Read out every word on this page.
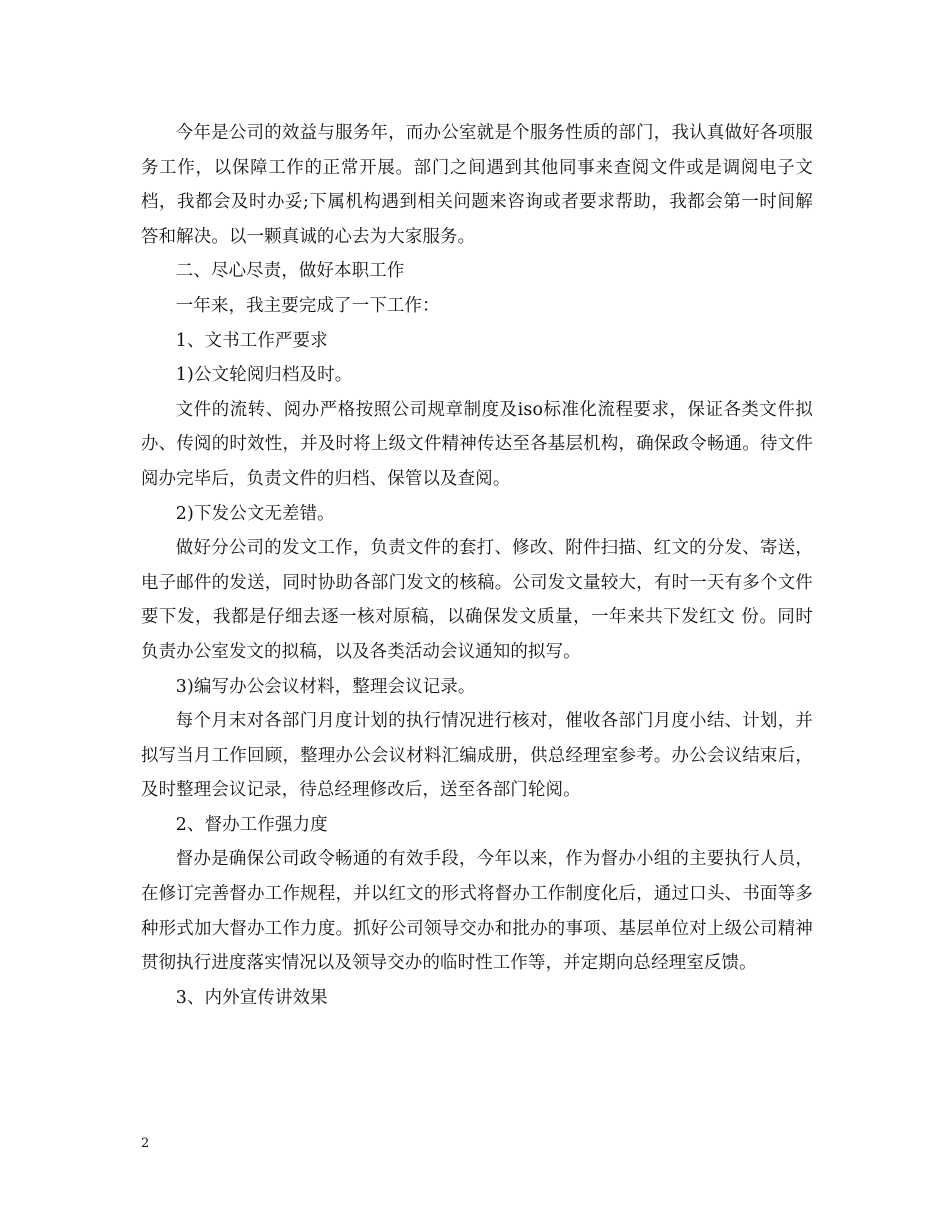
今年是公司的效益与服务年，而办公室就是个服务性质的部门，我认真做好各项服务工作，以保障工作的正常开展。部门之间遇到其他同事来查阅文件或是调阅电子文档，我都会及时办妥;下属机构遇到相关问题来咨询或者要求帮助，我都会第一时间解答和解决。以一颗真诚的心去为大家服务。

二、尽心尽责，做好本职工作

一年来，我主要完成了一下工作：

1、文书工作严要求

1)公文轮阅归档及时。

文件的流转、阅办严格按照公司规章制度及iso标准化流程要求，保证各类文件拟办、传阅的时效性，并及时将上级文件精神传达至各基层机构，确保政令畅通。待文件阅办完毕后，负责文件的归档、保管以及查阅。

2)下发公文无差错。

做好分公司的发文工作，负责文件的套打、修改、附件扫描、红文的分发、寄送，电子邮件的发送，同时协助各部门发文的核稿。公司发文量较大，有时一天有多个文件要下发，我都是仔细去逐一核对原稿，以确保发文质量，一年来共下发红文 份。同时负责办公室发文的拟稿，以及各类活动会议通知的拟写。

3)编写办公会议材料，整理会议记录。

每个月末对各部门月度计划的执行情况进行核对，催收各部门月度小结、计划，并拟写当月工作回顾，整理办公会议材料汇编成册，供总经理室参考。办公会议结束后，及时整理会议记录，待总经理修改后，送至各部门轮阅。

2、督办工作强力度

督办是确保公司政令畅通的有效手段，今年以来，作为督办小组的主要执行人员，在修订完善督办工作规程，并以红文的形式将督办工作制度化后，通过口头、书面等多种形式加大督办工作力度。抓好公司领导交办和批办的事项、基层单位对上级公司精神贯彻执行进度落实情况以及领导交办的临时性工作等，并定期向总经理室反馈。

3、内外宣传讲效果

2
